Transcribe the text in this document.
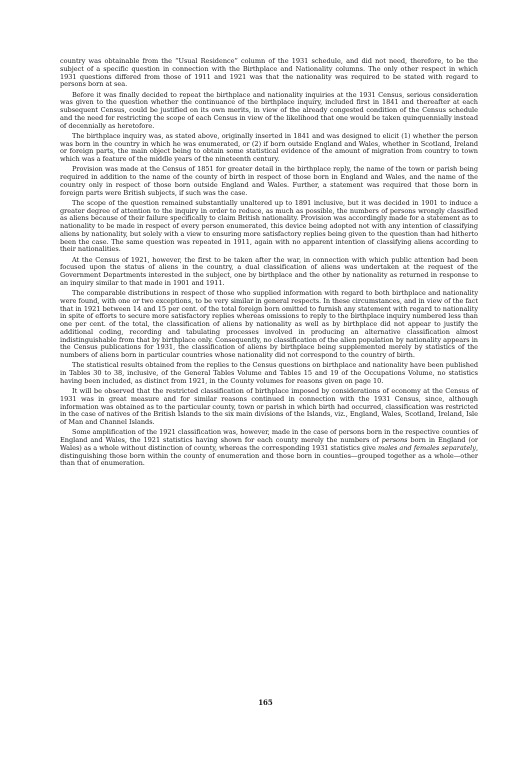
country was obtainable from the “Usual Residence” column of the 1931 schedule, and did not need, therefore, to be the subject of a specific question in connection with the Birthplace and Nationality columns. The only other respect in which 1931 questions differed from those of 1911 and 1921 was that the nationality was required to be stated with regard to persons born at sea.

Before it was finally decided to repeat the birthplace and nationality inquiries at the 1931 Census, serious consideration was given to the question whether the continuance of the birthplace inquiry, included first in 1841 and thereafter at each subsequent Census, could be justified on its own merits, in view of the already congested condition of the Census schedule and the need for restricting the scope of each Census in view of the likelihood that one would be taken quinquennially instead of decennially as heretofore.

The birthplace inquiry was, as stated above, originally inserted in 1841 and was designed to elicit (1) whether the person was born in the country in which he was enumerated, or (2) if born outside England and Wales, whether in Scotland, Ireland or foreign parts, the main object being to obtain some statistical evidence of the amount of migration from country to town which was a feature of the middle years of the nineteenth century.

Provision was made at the Census of 1851 for greater detail in the birthplace reply, the name of the town or parish being required in addition to the name of the county of birth in respect of those born in England and Wales, and the name of the country only in respect of those born outside England and Wales. Further, a statement was required that those born in foreign parts were British subjects, if such was the case.

The scope of the question remained substantially unaltered up to 1891 inclusive, but it was decided in 1901 to induce a greater degree of attention to the inquiry in order to reduce, as much as possible, the numbers of persons wrongly classified as aliens because of their failure specifically to claim British nationality. Provision was accordingly made for a statement as to nationality to be made in respect of every person enumerated, this device being adopted not with any intention of classifying aliens by nationality, but solely with a view to ensuring more satisfactory replies being given to the question than had hitherto been the case. The same question was repeated in 1911, again with no apparent intention of classifying aliens according to their nationalities.

At the Census of 1921, however, the first to be taken after the war, in connection with which public attention had been focused upon the status of aliens in the country, a dual classification of aliens was undertaken at the request of the Government Departments interested in the subject, one by birthplace and the other by nationality as returned in response to an inquiry similar to that made in 1901 and 1911.

The comparable distributions in respect of those who supplied information with regard to both birthplace and nationality were found, with one or two exceptions, to be very similar in general respects. In these circumstances, and in view of the fact that in 1921 between 14 and 15 per cent. of the total foreign born omitted to furnish any statement with regard to nationality in spite of efforts to secure more satisfactory replies whereas omissions to reply to the birthplace inquiry numbered less than one per cent. of the total, the classification of aliens by nationality as well as by birthplace did not appear to justify the additional coding, recording and tabulating processes involved in producing an alternative classification almost indistinguishable from that by birthplace only. Consequently, no classification of the alien population by nationality appears in the Census publications for 1931, the classification of aliens by birthplace being supplemented merely by statistics of the numbers of aliens born in particular countries whose nationality did not correspond to the country of birth.

The statistical results obtained from the replies to the Census questions on birthplace and nationality have been published in Tables 30 to 38, inclusive, of the General Tables Volume and Tables 15 and 19 of the Occupations Volume, no statistics having been included, as distinct from 1921, in the County volumes for reasons given on page 10.

It will be observed that the restricted classification of birthplace imposed by considerations of economy at the Census of 1931 was in great measure and for similar reasons continued in connection with the 1931 Census, since, although information was obtained as to the particular county, town or parish in which birth had occurred, classification was restricted in the case of natives of the British Islands to the six main divisions of the Islands, viz., England, Wales, Scotland, Ireland, Isle of Man and Channel Islands.

Some amplification of the 1921 classification was, however, made in the case of persons born in the respective counties of England and Wales, the 1921 statistics having shown for each county merely the numbers of persons born in England (or Wales) as a whole without distinction of county, whereas the corresponding 1931 statistics give males and females separately, distinguishing those born within the county of enumeration and those born in counties—grouped together as a whole—other than that of enumeration.

165
